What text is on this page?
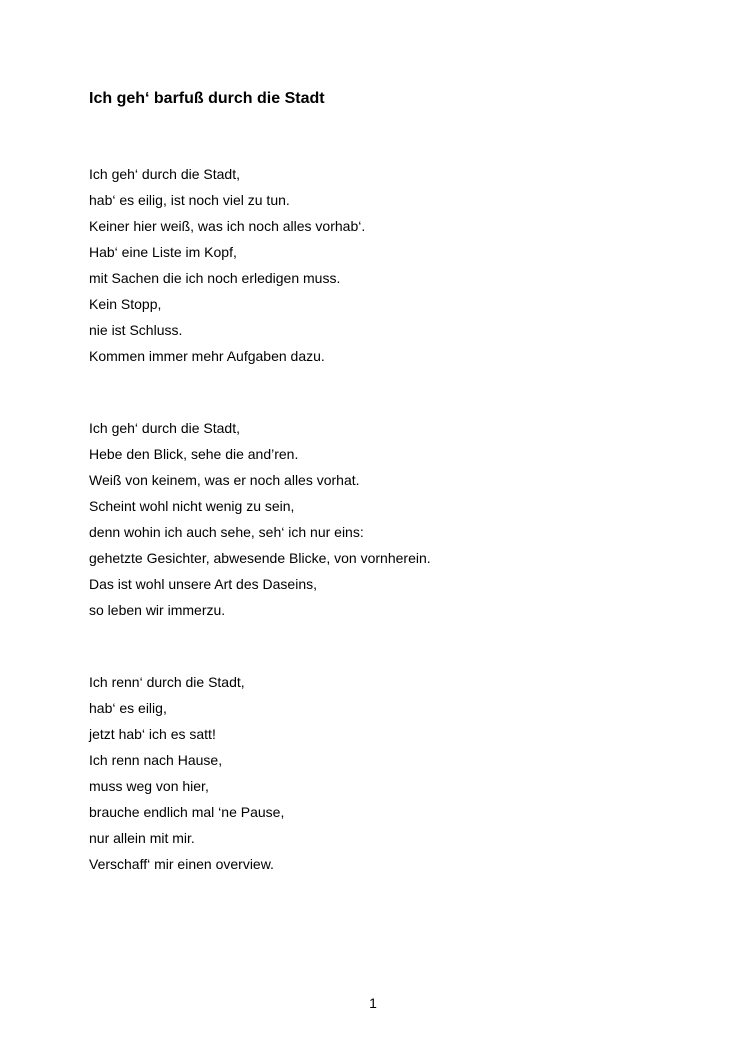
Ich geh‘ barfuß durch die Stadt
Ich geh‘ durch die Stadt,
hab‘ es eilig, ist noch viel zu tun.
Keiner hier weiß, was ich noch alles vorhab‘.
Hab‘ eine Liste im Kopf,
mit Sachen die ich noch erledigen muss.
Kein Stopp,
nie ist Schluss.
Kommen immer mehr Aufgaben dazu.
Ich geh‘ durch die Stadt,
Hebe den Blick, sehe die and’ren.
Weiß von keinem, was er noch alles vorhat.
Scheint wohl nicht wenig zu sein,
denn wohin ich auch sehe, seh‘ ich nur eins:
gehetzte Gesichter, abwesende Blicke, von vornherein.
Das ist wohl unsere Art des Daseins,
so leben wir immerzu.
Ich renn‘ durch die Stadt,
hab‘ es eilig,
jetzt hab‘ ich es satt!
Ich renn nach Hause,
muss weg von hier,
brauche endlich mal ‘ne Pause,
nur allein mit mir.
Verschaff‘ mir einen overview.
1
